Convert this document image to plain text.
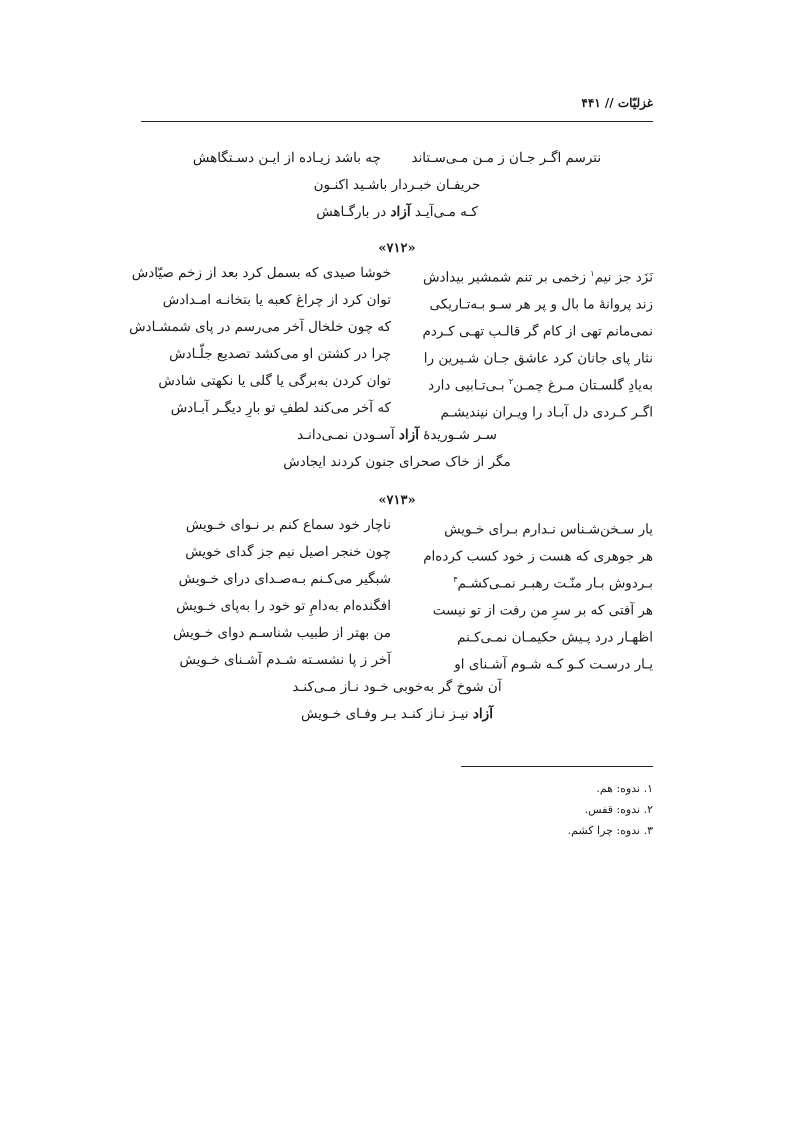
غزلیّات // ۴۴۱
نترسم اگـر جـان ز مـن مـی‌سـتاند  چه باشد زیـاده از ایـن دسـتگاهش
حریفـان خبـردار باشـید اکنـون
کـه مـی‌آیـد آزاد در بارگـاهش
«۷۱۲»
نَزَد جز نیم$^۱$ زخمی بر تنم شمشیر بیدادش
خوشا صیدی که بسمل کرد بعد از زخم صیّادش
زند پروانهٔ ما بال و پر هر سـو بـه‌تـاریکی
توان کرد از چراغ کعبه یا بتخانـه امـدادش
نمی‌مانم تهی از کام گر قالـب تهـی کـردم
که چون خلخال آخر می‌رسم در پای شمشـادش
نثار پای جانان کرد عاشق جـان شـیرین را
چرا در کشتن او می‌کشد تصدیع جلّـادش
به‌یادِ گلسـتان مـرغ چمـن$^۲$ بـی‌تـابیی دارد
توان کردن به‌برگی یا گلی یا نکهتی شادش
اگـر کـردی دل آبـاد را ویـران نیندیشـم
که آخر می‌کند لطفِ تو بارِ دیگـر آبـادش
سـر شـوریدهٔ آزاد آسـودن نمـی‌دانـد
مگر از خاک صحرای جنون کردند ایجادش
«۷۱۳»
یار سـخن‌شـناس نـدارم بـرای خـویش
ناچار خود سماع کنم بر نـوای خـویش
هر جوهری که هست ز خود کسب کرده‌ام
چون خنجر اصیل نیم جز گدای خویش
بـردوش بـار منّـت رهبـر نمـی‌کشـم$^۳$
شبگیر می‌کـنم بـه‌صـدای درای خـویش
هر آفتی که بر سرِ من رفت از تو نیست
افگنده‌ام به‌دامِ تو خود را به‌پای خـویش
اظهـار درد پـیش حکیمـان نمـی‌کـنم
من بهتر از طبیب شناسـم دوای خـویش
یـار درسـت کـو کـه شـوم آشـنای او
آخر ز پا نشسـته شـدم آشـنای خـویش
آن شوخ گر به‌خوبی خـود نـاز مـی‌کنـد
آزاد نیـز نـاز کنـد بـر وفـای خـویش
۱. ندوه: هم.
۲. ندوه: قفس.
۳. ندوه: چرا کشم.
